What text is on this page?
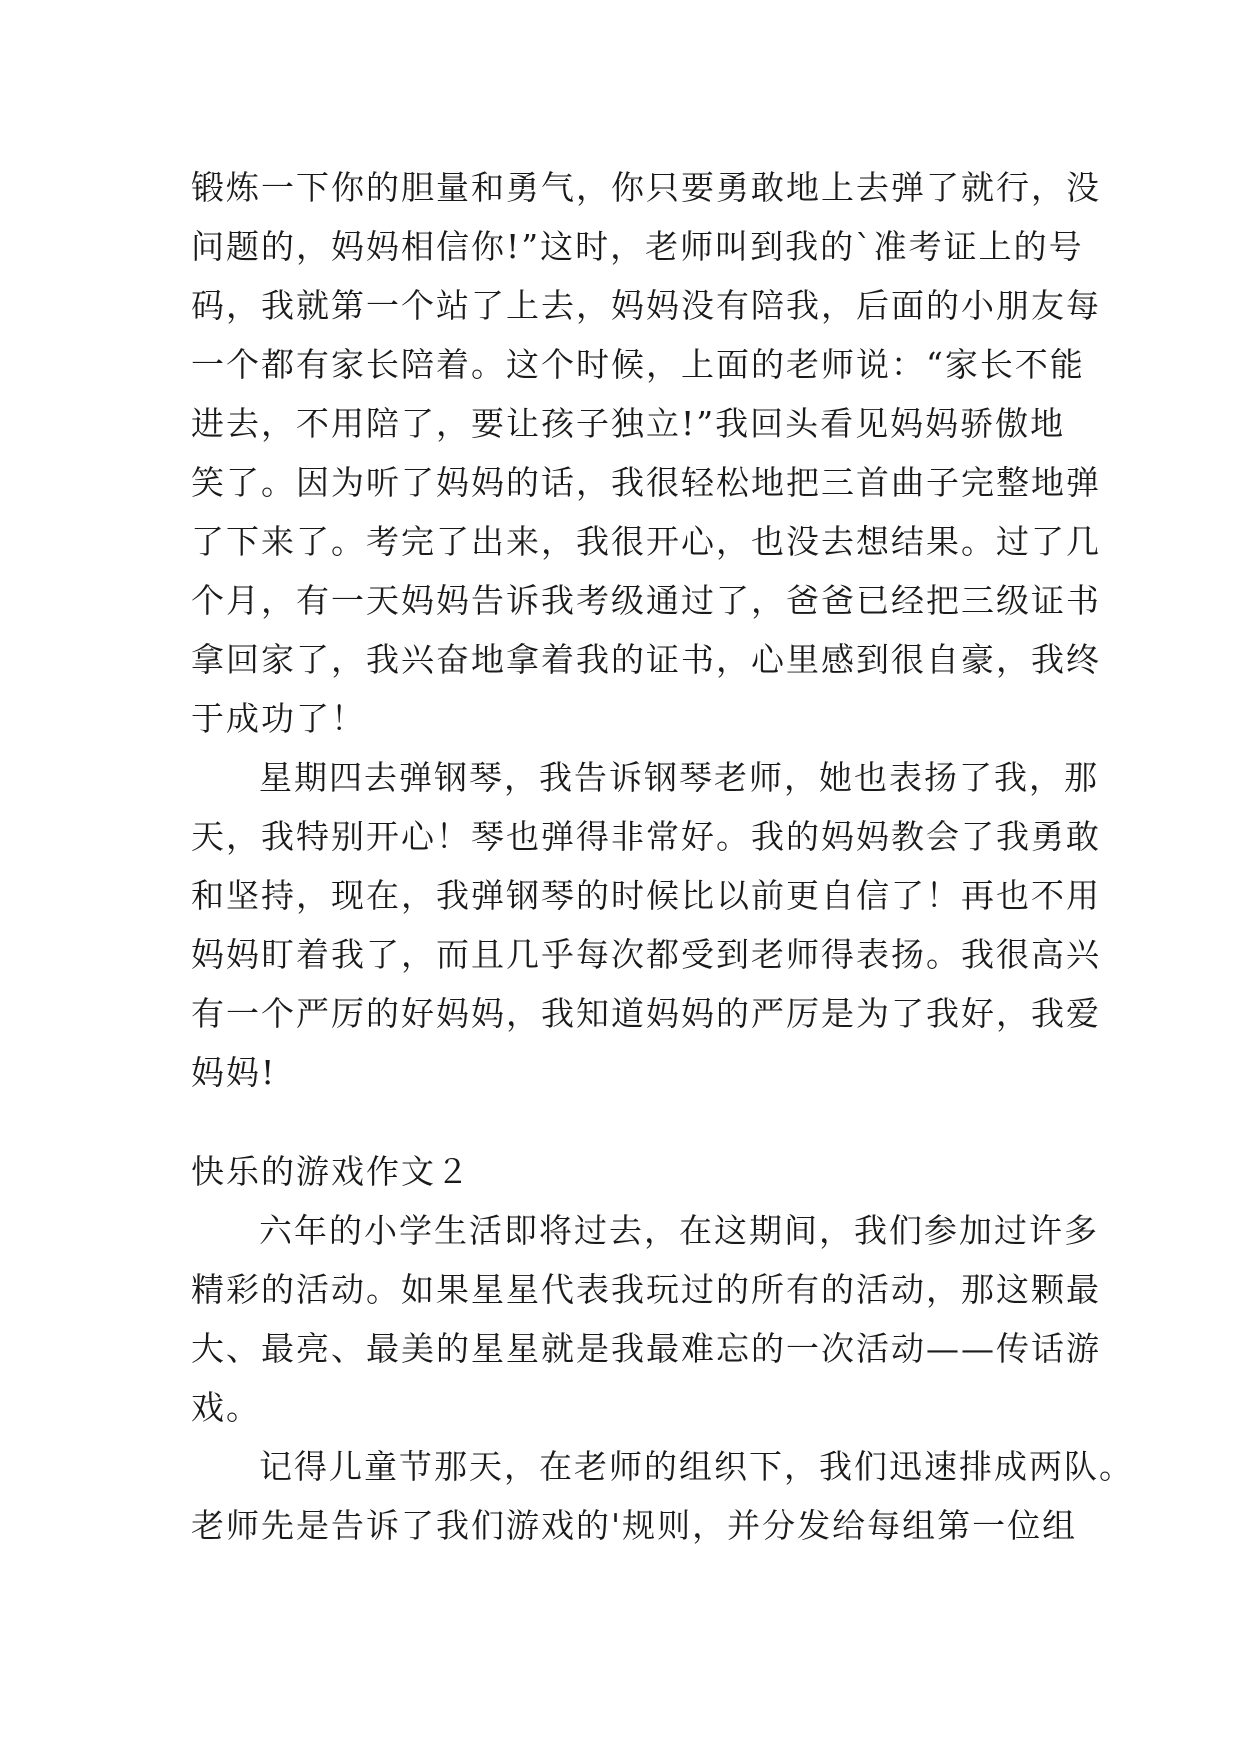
锻炼一下你的胆量和勇气，你只要勇敢地上去弹了就行，没
问题的，妈妈相信你!”这时，老师叫到我的`准考证上的号
码，我就第一个站了上去，妈妈没有陪我，后面的小朋友每
一个都有家长陪着。这个时候，上面的老师说：“家长不能
进去，不用陪了，要让孩子独立!”我回头看见妈妈骄傲地
笑了。因为听了妈妈的话，我很轻松地把三首曲子完整地弹
了下来了。考完了出来，我很开心，也没去想结果。过了几
个月，有一天妈妈告诉我考级通过了，爸爸已经把三级证书
拿回家了，我兴奋地拿着我的证书，心里感到很自豪，我终
于成功了！
星期四去弹钢琴，我告诉钢琴老师，她也表扬了我，那
天，我特别开心！琴也弹得非常好。我的妈妈教会了我勇敢
和坚持，现在，我弹钢琴的时候比以前更自信了！再也不用
妈妈盯着我了，而且几乎每次都受到老师得表扬。我很高兴
有一个严厉的好妈妈，我知道妈妈的严厉是为了我好，我爱
妈妈!
快乐的游戏作文２
六年的小学生活即将过去，在这期间，我们参加过许多
精彩的活动。如果星星代表我玩过的所有的活动，那这颗最
大、最亮、最美的星星就是我最难忘的一次活动——传话游
戏。
记得儿童节那天，在老师的组织下，我们迅速排成两队。
老师先是告诉了我们游戏的'规则，并分发给每组第一位组
